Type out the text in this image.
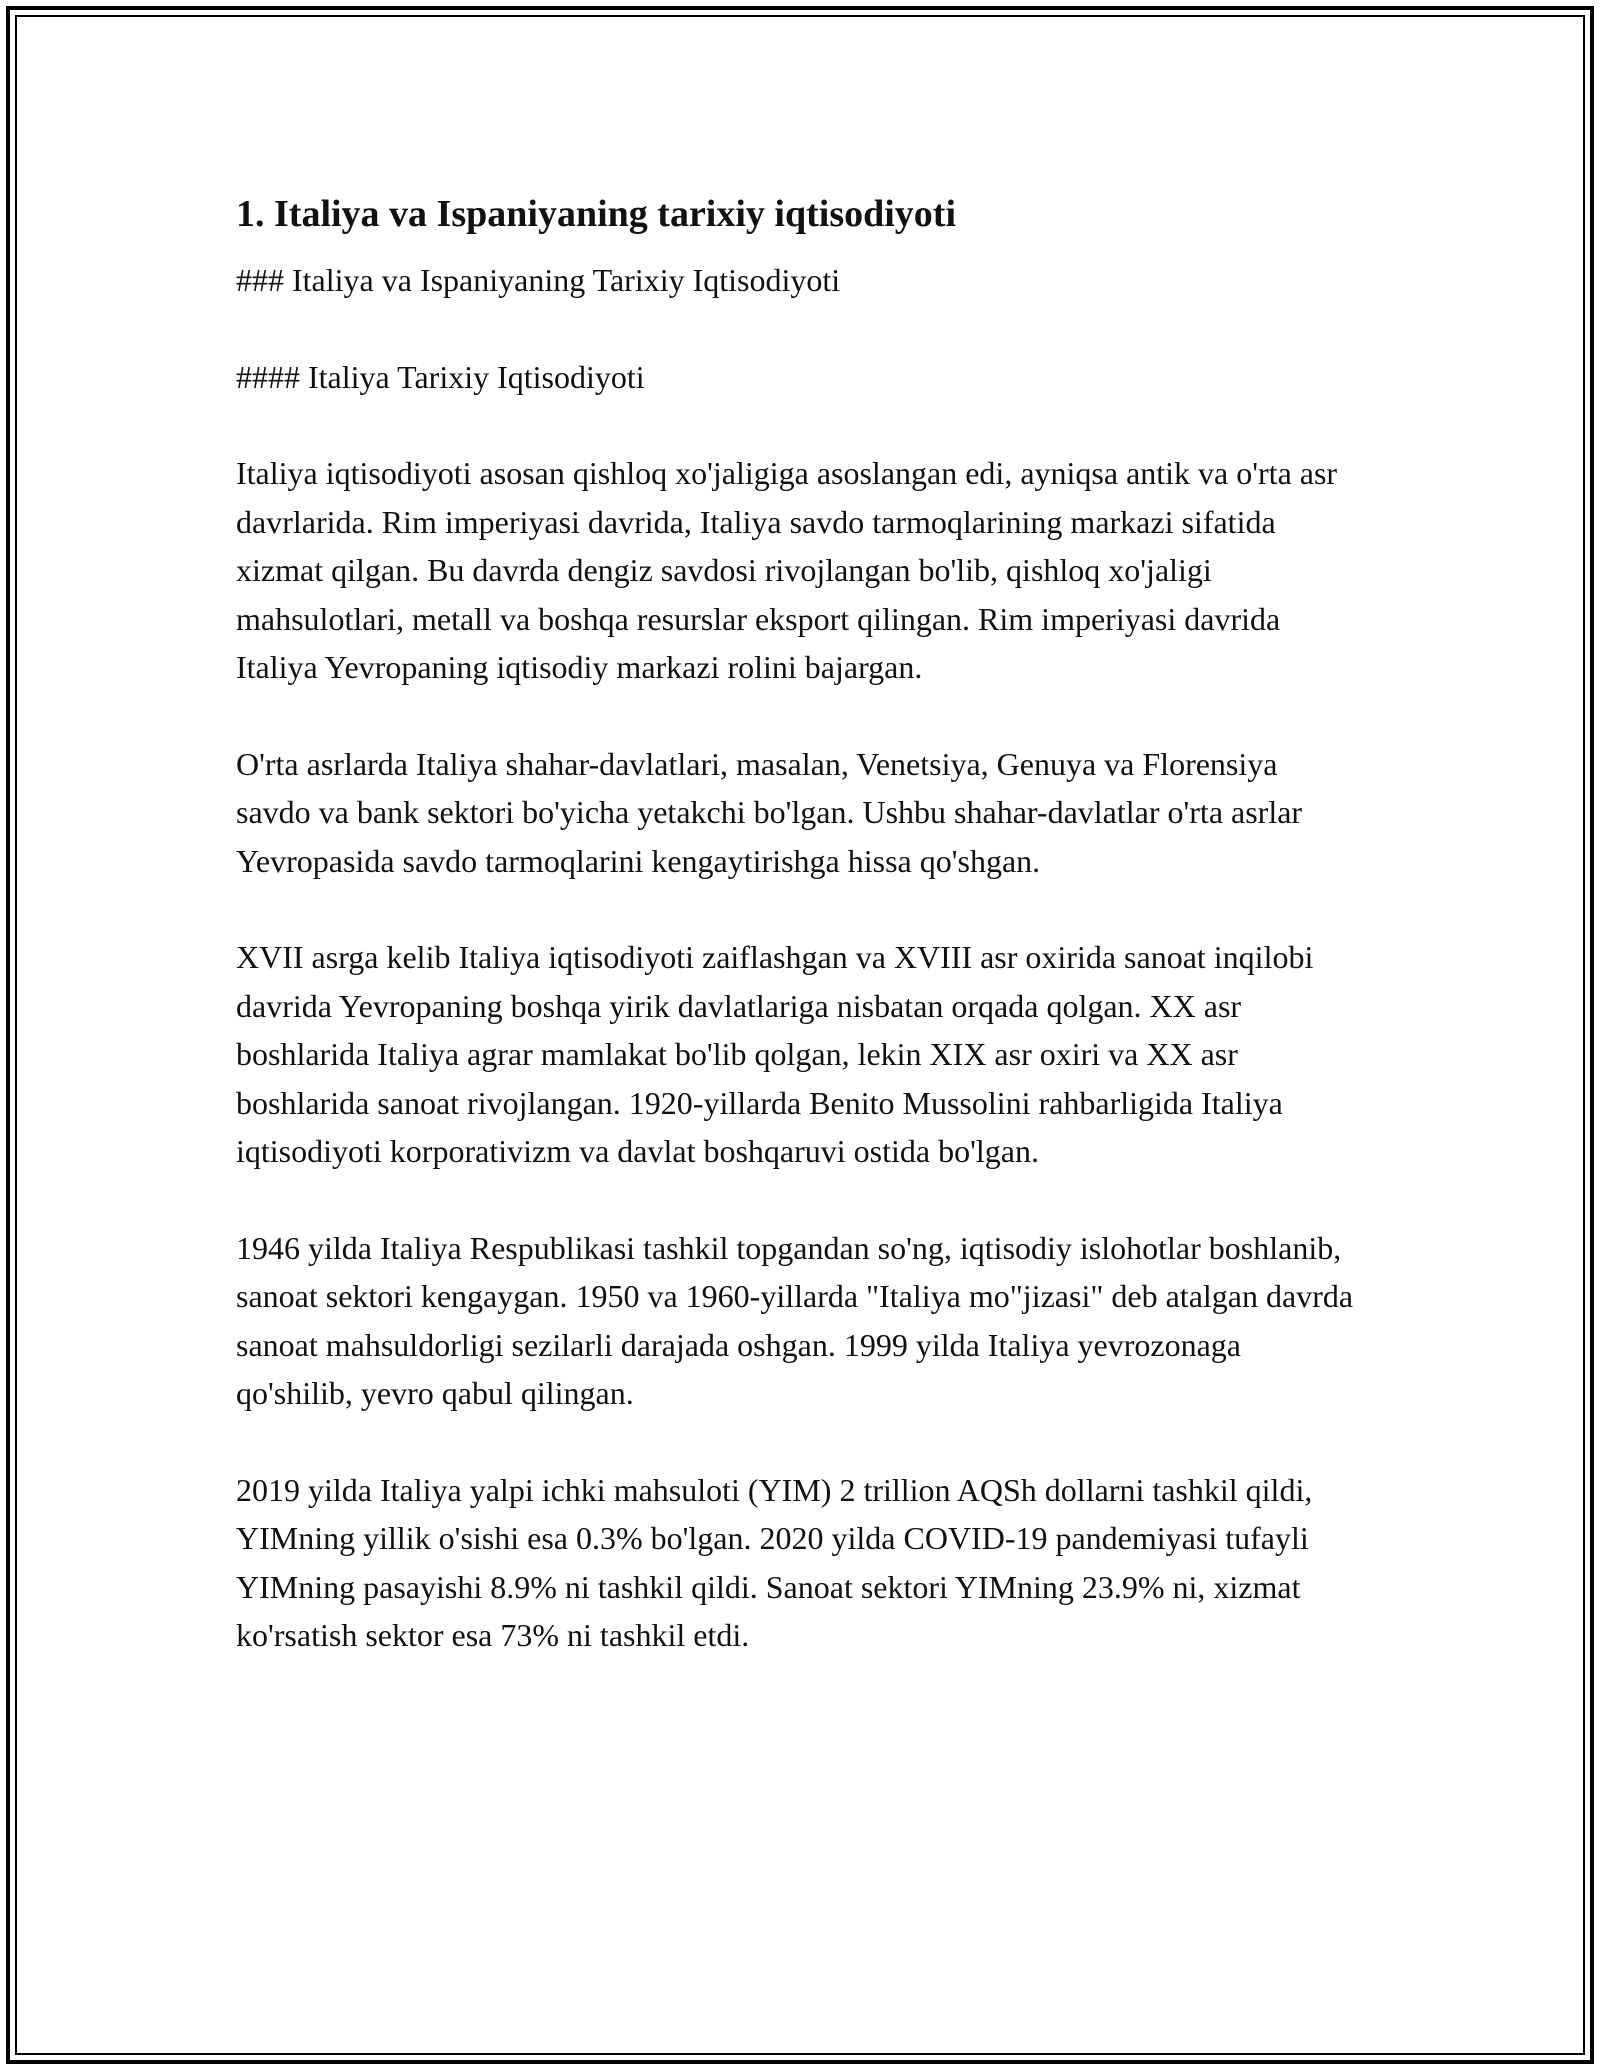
1. Italiya va Ispaniyaning tarixiy iqtisodiyoti

### Italiya va Ispaniyaning Tarixiy Iqtisodiyoti

#### Italiya Tarixiy Iqtisodiyoti

Italiya iqtisodiyoti asosan qishloq xo'jaligiga asoslangan edi, ayniqsa antik va o'rta asr davrlarida. Rim imperiyasi davrida, Italiya savdo tarmoqlarining markazi sifatida xizmat qilgan. Bu davrda dengiz savdosi rivojlangan bo'lib, qishloq xo'jaligi mahsulotlari, metall va boshqa resurslar eksport qilingan. Rim imperiyasi davrida Italiya Yevropaning iqtisodiy markazi rolini bajargan.

O'rta asrlarda Italiya shahar-davlatlari, masalan, Venetsiya, Genuya va Florensiya savdo va bank sektori bo'yicha yetakchi bo'lgan. Ushbu shahar-davlatlar o'rta asrlar Yevropasida savdo tarmoqlarini kengaytirishga hissa qo'shgan.

XVII asrga kelib Italiya iqtisodiyoti zaiflashgan va XVIII asr oxirida sanoat inqilobi davrida Yevropaning boshqa yirik davlatlariga nisbatan orqada qolgan. XX asr boshlarida Italiya agrar mamlakat bo'lib qolgan, lekin XIX asr oxiri va XX asr boshlarida sanoat rivojlangan. 1920-yillarda Benito Mussolini rahbarligida Italiya iqtisodiyoti korporativizm va davlat boshqaruvi ostida bo'lgan.

1946 yilda Italiya Respublikasi tashkil topgandan so'ng, iqtisodiy islohotlar boshlanib, sanoat sektori kengaygan. 1950 va 1960-yillarda "Italiya mo"jizasi" deb atalgan davrda sanoat mahsuldorligi sezilarli darajada oshgan. 1999 yilda Italiya yevrozonaga qo'shilib, yevro qabul qilingan.

2019 yilda Italiya yalpi ichki mahsuloti (YIM) 2 trillion AQSh dollarni tashkil qildi, YIMning yillik o'sishi esa 0.3% bo'lgan. 2020 yilda COVID-19 pandemiyasi tufayli YIMning pasayishi 8.9% ni tashkil qildi. Sanoat sektori YIMning 23.9% ni, xizmat ko'rsatish sektor esa 73% ni tashkil etdi.
